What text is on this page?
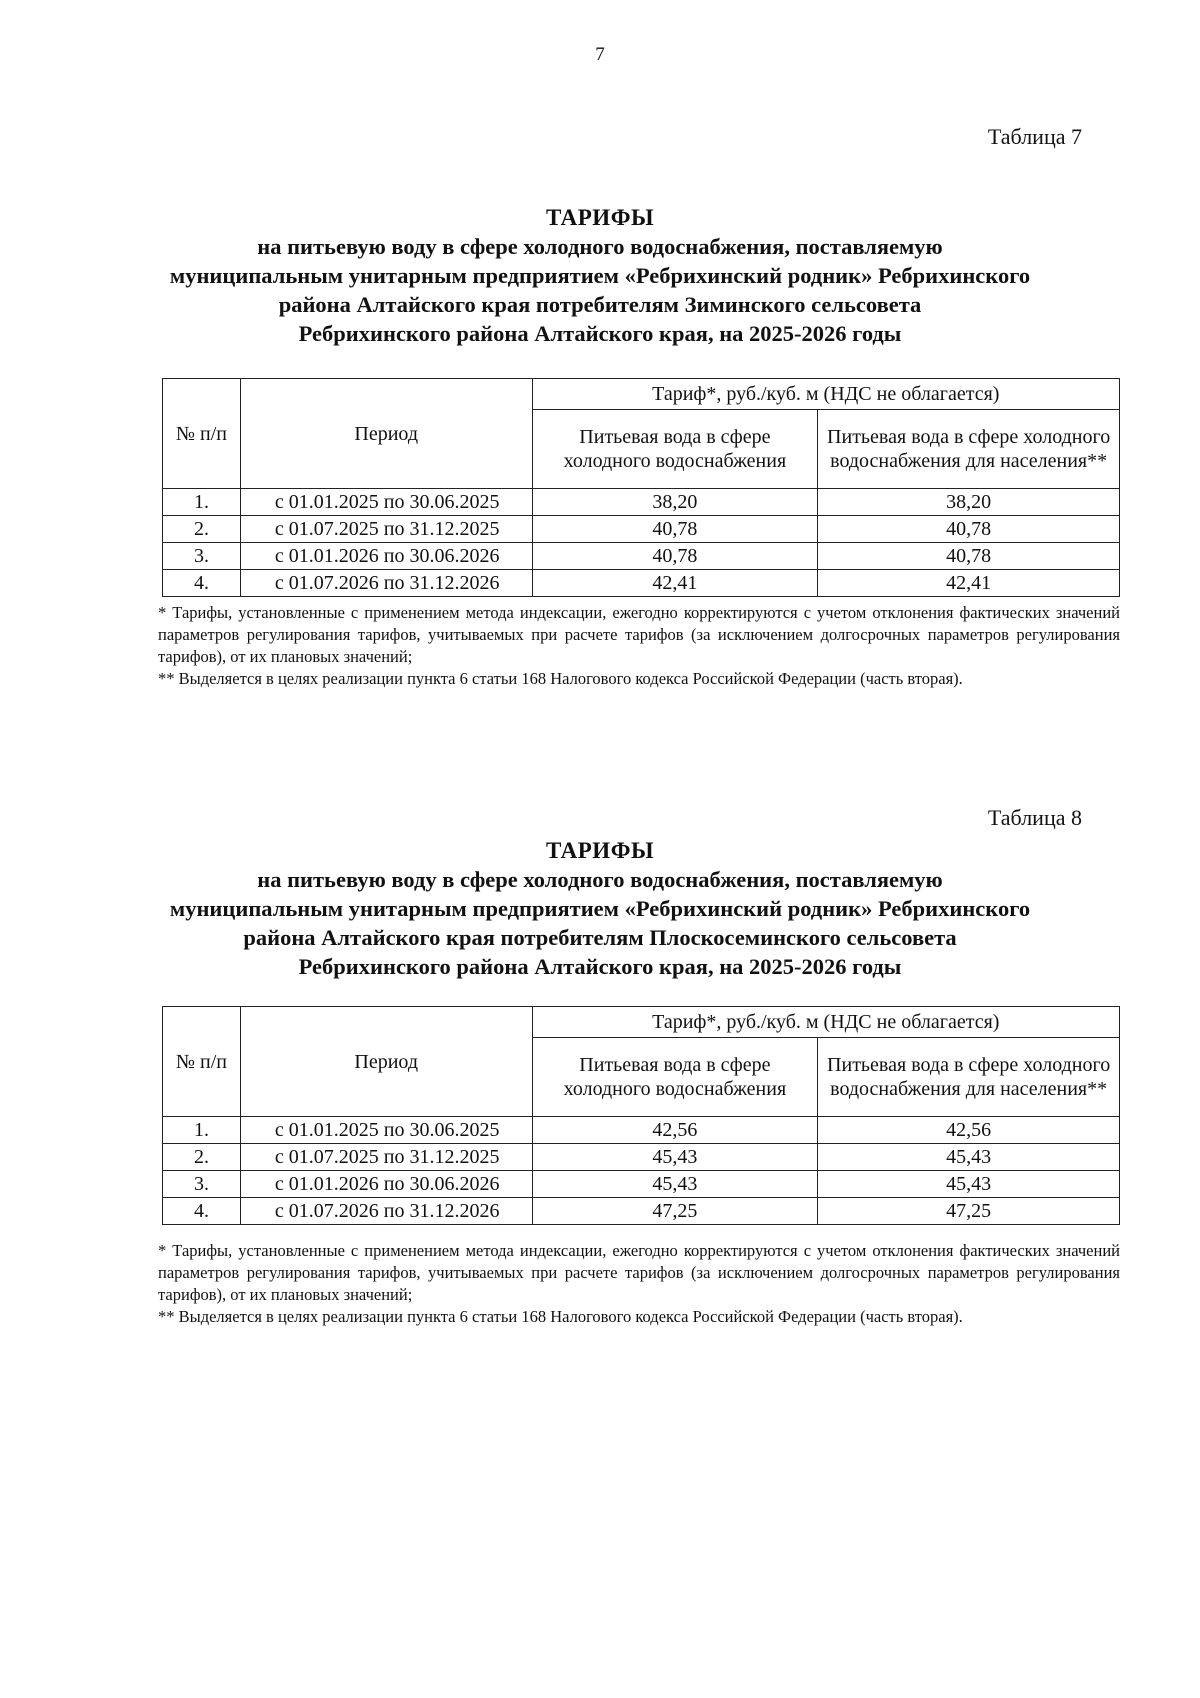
7
Таблица 7
ТАРИФЫ
на питьевую воду в сфере холодного водоснабжения, поставляемую
муниципальным унитарным предприятием «Ребрихинский родник» Ребрихинского
района Алтайского края потребителям Зиминского сельсовета
Ребрихинского района Алтайского края, на 2025-2026 годы
№ п/п	Период	Тариф*, руб./куб. м (НДС не облагается)	
		Питьевая вода в сфере холодного водоснабжения	Питьевая вода в сфере холодного водоснабжения для населения**
1.	с 01.01.2025 по 30.06.2025	38,20	38,20
2.	с 01.07.2025 по 31.12.2025	40,78	40,78
3.	с 01.01.2026 по 30.06.2026	40,78	40,78
4.	с 01.07.2026 по 31.12.2026	42,41	42,41

* Тарифы, установленные с применением метода индексации, ежегодно корректируются с учетом отклонения фактических значений параметров регулирования тарифов, учитываемых при расчете тарифов (за исключением долгосрочных параметров регулирования тарифов), от их плановых значений;

** Выделяется в целях реализации пункта 6 статьи 168 Налогового кодекса Российской Федерации (часть вторая).

Таблица 8
ТАРИФЫ
на питьевую воду в сфере холодного водоснабжения, поставляемую
муниципальным унитарным предприятием «Ребрихинский родник» Ребрихинского
района Алтайского края потребителям Плоскосеминского сельсовета
Ребрихинского района Алтайского края, на 2025-2026 годы
№ п/п	Период	Тариф*, руб./куб. м (НДС не облагается)	
		Питьевая вода в сфере холодного водоснабжения	Питьевая вода в сфере холодного водоснабжения для населения**
1.	с 01.01.2025 по 30.06.2025	42,56	42,56
2.	с 01.07.2025 по 31.12.2025	45,43	45,43
3.	с 01.01.2026 по 30.06.2026	45,43	45,43
4.	с 01.07.2026 по 31.12.2026	47,25	47,25

* Тарифы, установленные с применением метода индексации, ежегодно корректируются с учетом отклонения фактических значений параметров регулирования тарифов, учитываемых при расчете тарифов (за исключением долгосрочных параметров регулирования тарифов), от их плановых значений;

** Выделяется в целях реализации пункта 6 статьи 168 Налогового кодекса Российской Федерации (часть вторая).
